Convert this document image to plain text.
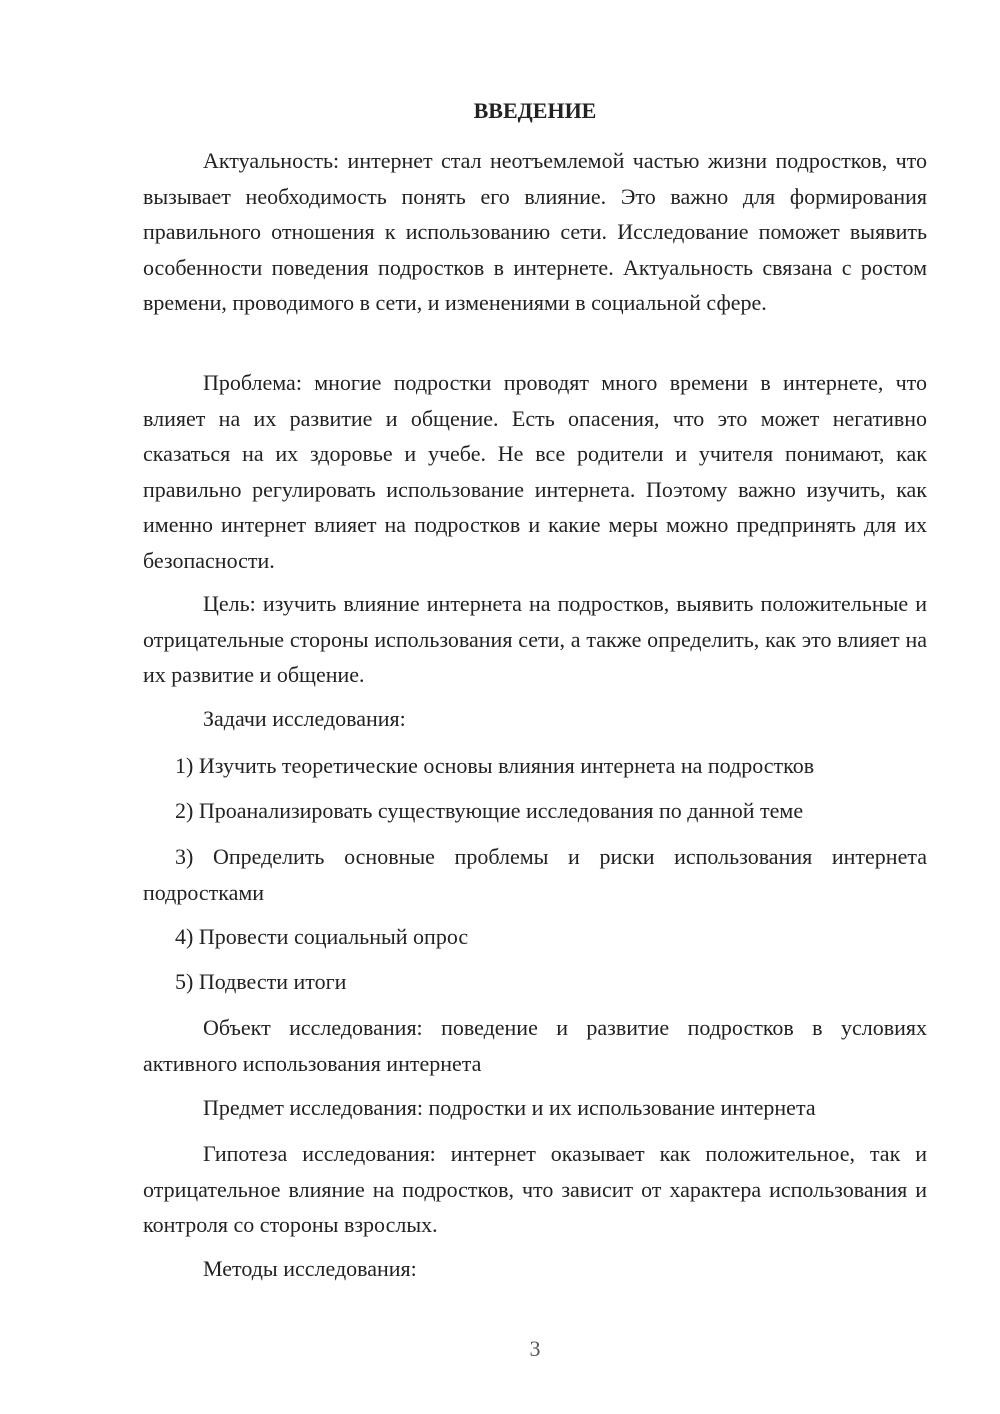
ВВЕДЕНИЕ

Актуальность: интернет стал неотъемлемой частью жизни подростков, что вызывает необходимость понять его влияние. Это важно для формирования правильного отношения к использованию сети. Исследование поможет выявить особенности поведения подростков в интернете. Актуальность связана с ростом времени, проводимого в сети, и изменениями в социальной сфере.

Проблема: многие подростки проводят много времени в интернете, что влияет на их развитие и общение. Есть опасения, что это может негативно сказаться на их здоровье и учебе. Не все родители и учителя понимают, как правильно регулировать использование интернета. Поэтому важно изучить, как именно интернет влияет на подростков и какие меры можно предпринять для их безопасности.

Цель: изучить влияние интернета на подростков, выявить положительные и отрицательные стороны использования сети, а также определить, как это влияет на их развитие и общение.

Задачи исследования:

1) Изучить теоретические основы влияния интернета на подростков

2) Проанализировать существующие исследования по данной теме

3) Определить основные проблемы и риски использования интернета подростками

4) Провести социальный опрос

5) Подвести итоги

Объект исследования: поведение и развитие подростков в условиях активного использования интернета

Предмет исследования: подростки и их использование интернета

Гипотеза исследования: интернет оказывает как положительное, так и отрицательное влияние на подростков, что зависит от характера использования и контроля со стороны взрослых.

Методы исследования:

3
